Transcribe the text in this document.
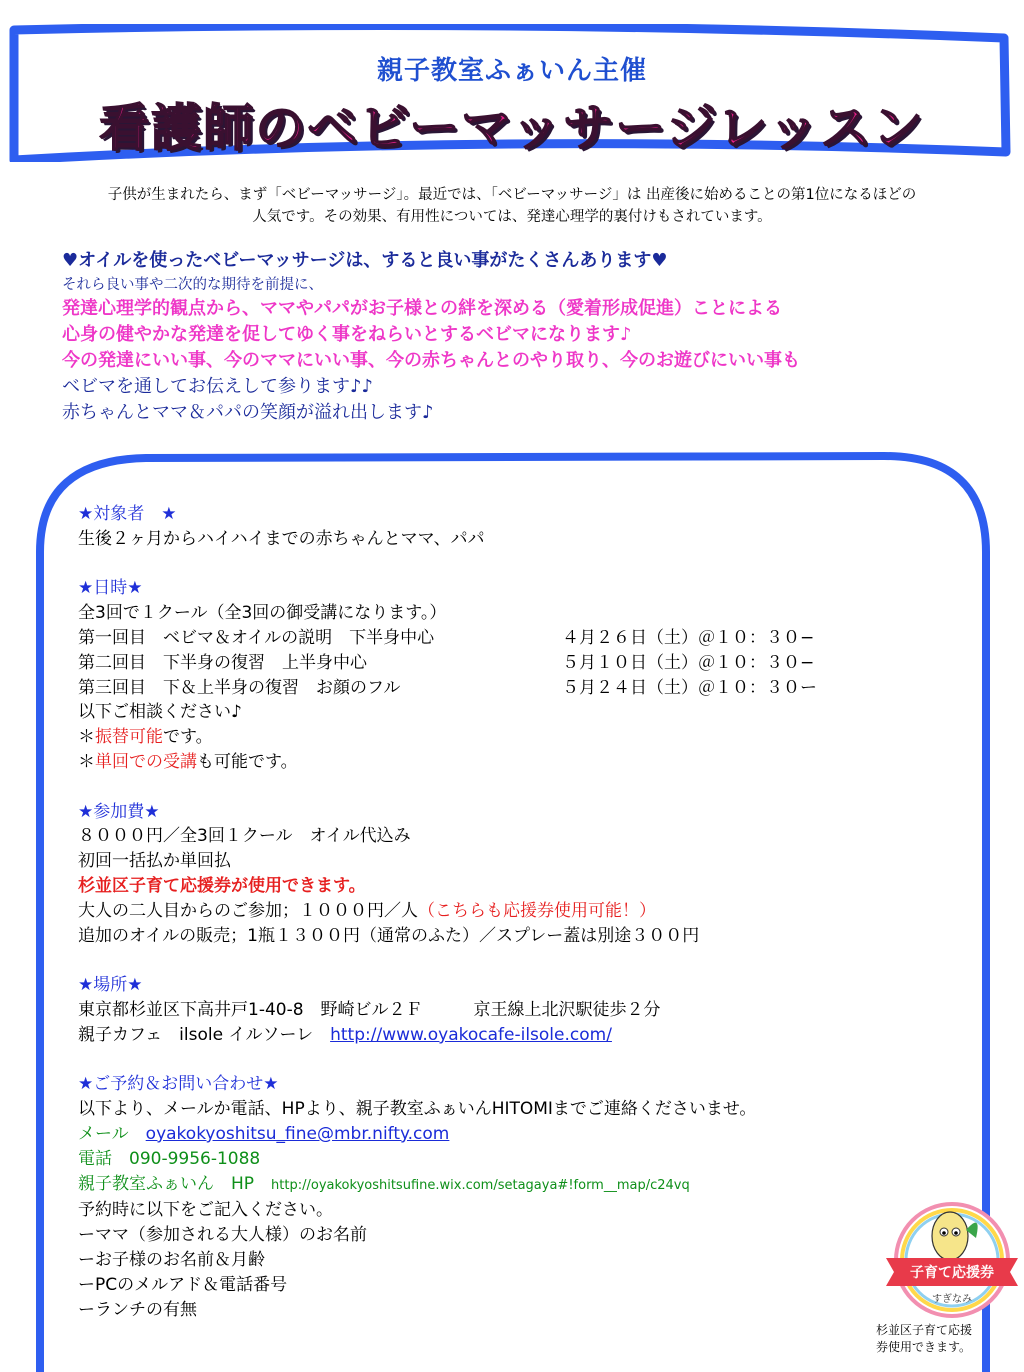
親子教室ふぁいん主催
看護師のベビーマッサージレッスン
子供が生まれたら、まず「ベビーマッサージ」。最近では、「ベビーマッサージ」は 出産後に始めることの第1位になるほどの
人気です。その効果、有用性については、発達心理学的裏付けもされています。
♥オイルを使ったベビーマッサージは、すると良い事がたくさんあります♥
それら良い事や二次的な期待を前提に、
発達心理学的観点から、ママやパパがお子様との絆を深める（愛着形成促進）ことによる
心身の健やかな発達を促してゆく事をねらいとするベビマになります♪
今の発達にいい事、今のママにいい事、今の赤ちゃんとのやり取り、今のお遊びにいい事も
ベビマを通してお伝えして参ります♪♪
赤ちゃんとママ＆パパの笑顔が溢れ出します♪
★対象者　★
生後２ヶ月からハイハイまでの赤ちゃんとママ、パパ
★日時★
全3回で１クール（全3回の御受講になります。）
第一回目　ベビマ＆オイルの説明　下半身中心	４月２６日（土）＠１０：３０−
第二回目　下半身の復習　上半身中心	５月１０日（土）＠１０：３０−
第三回目　下＆上半身の復習　お顔のフル	５月２４日（土）＠１０：３０ー
以下ご相談ください♪
＊振替可能です。
＊単回での受講も可能です。
★参加費★
８０００円／全3回１クール　オイル代込み
初回一括払か単回払
杉並区子育て応援券が使用できます。
大人の二人目からのご参加；１０００円／人（こちらも応援券使用可能！）
追加のオイルの販売；1瓶１３００円（通常のふた）／スプレー蓋は別途３００円
★場所★
東京都杉並区下高井戸1-40-8　野崎ビル２Ｆ　　　京王線上北沢駅徒歩２分
親子カフェ　ilsole イルソーレ　http://www.oyakocafe-ilsole.com/
★ご予約＆お問い合わせ★
以下より、メールか電話、HPより、親子教室ふぁいんHITOMIまでご連絡くださいませ。
メール　oyakokyoshitsu_fine@mbr.nifty.com
電話　090-9956-1088
親子教室ふぁいん　HP　http://oyakokyoshitsufine.wix.com/setagaya#!form__map/c24vq
予約時に以下をご記入ください。
ーママ（参加される大人様）のお名前
ーお子様のお名前＆月齢
ーPCのメルアド＆電話番号
ーランチの有無
子育て応援券
すぎなみ
杉並区子育て応援
券使用できます。
